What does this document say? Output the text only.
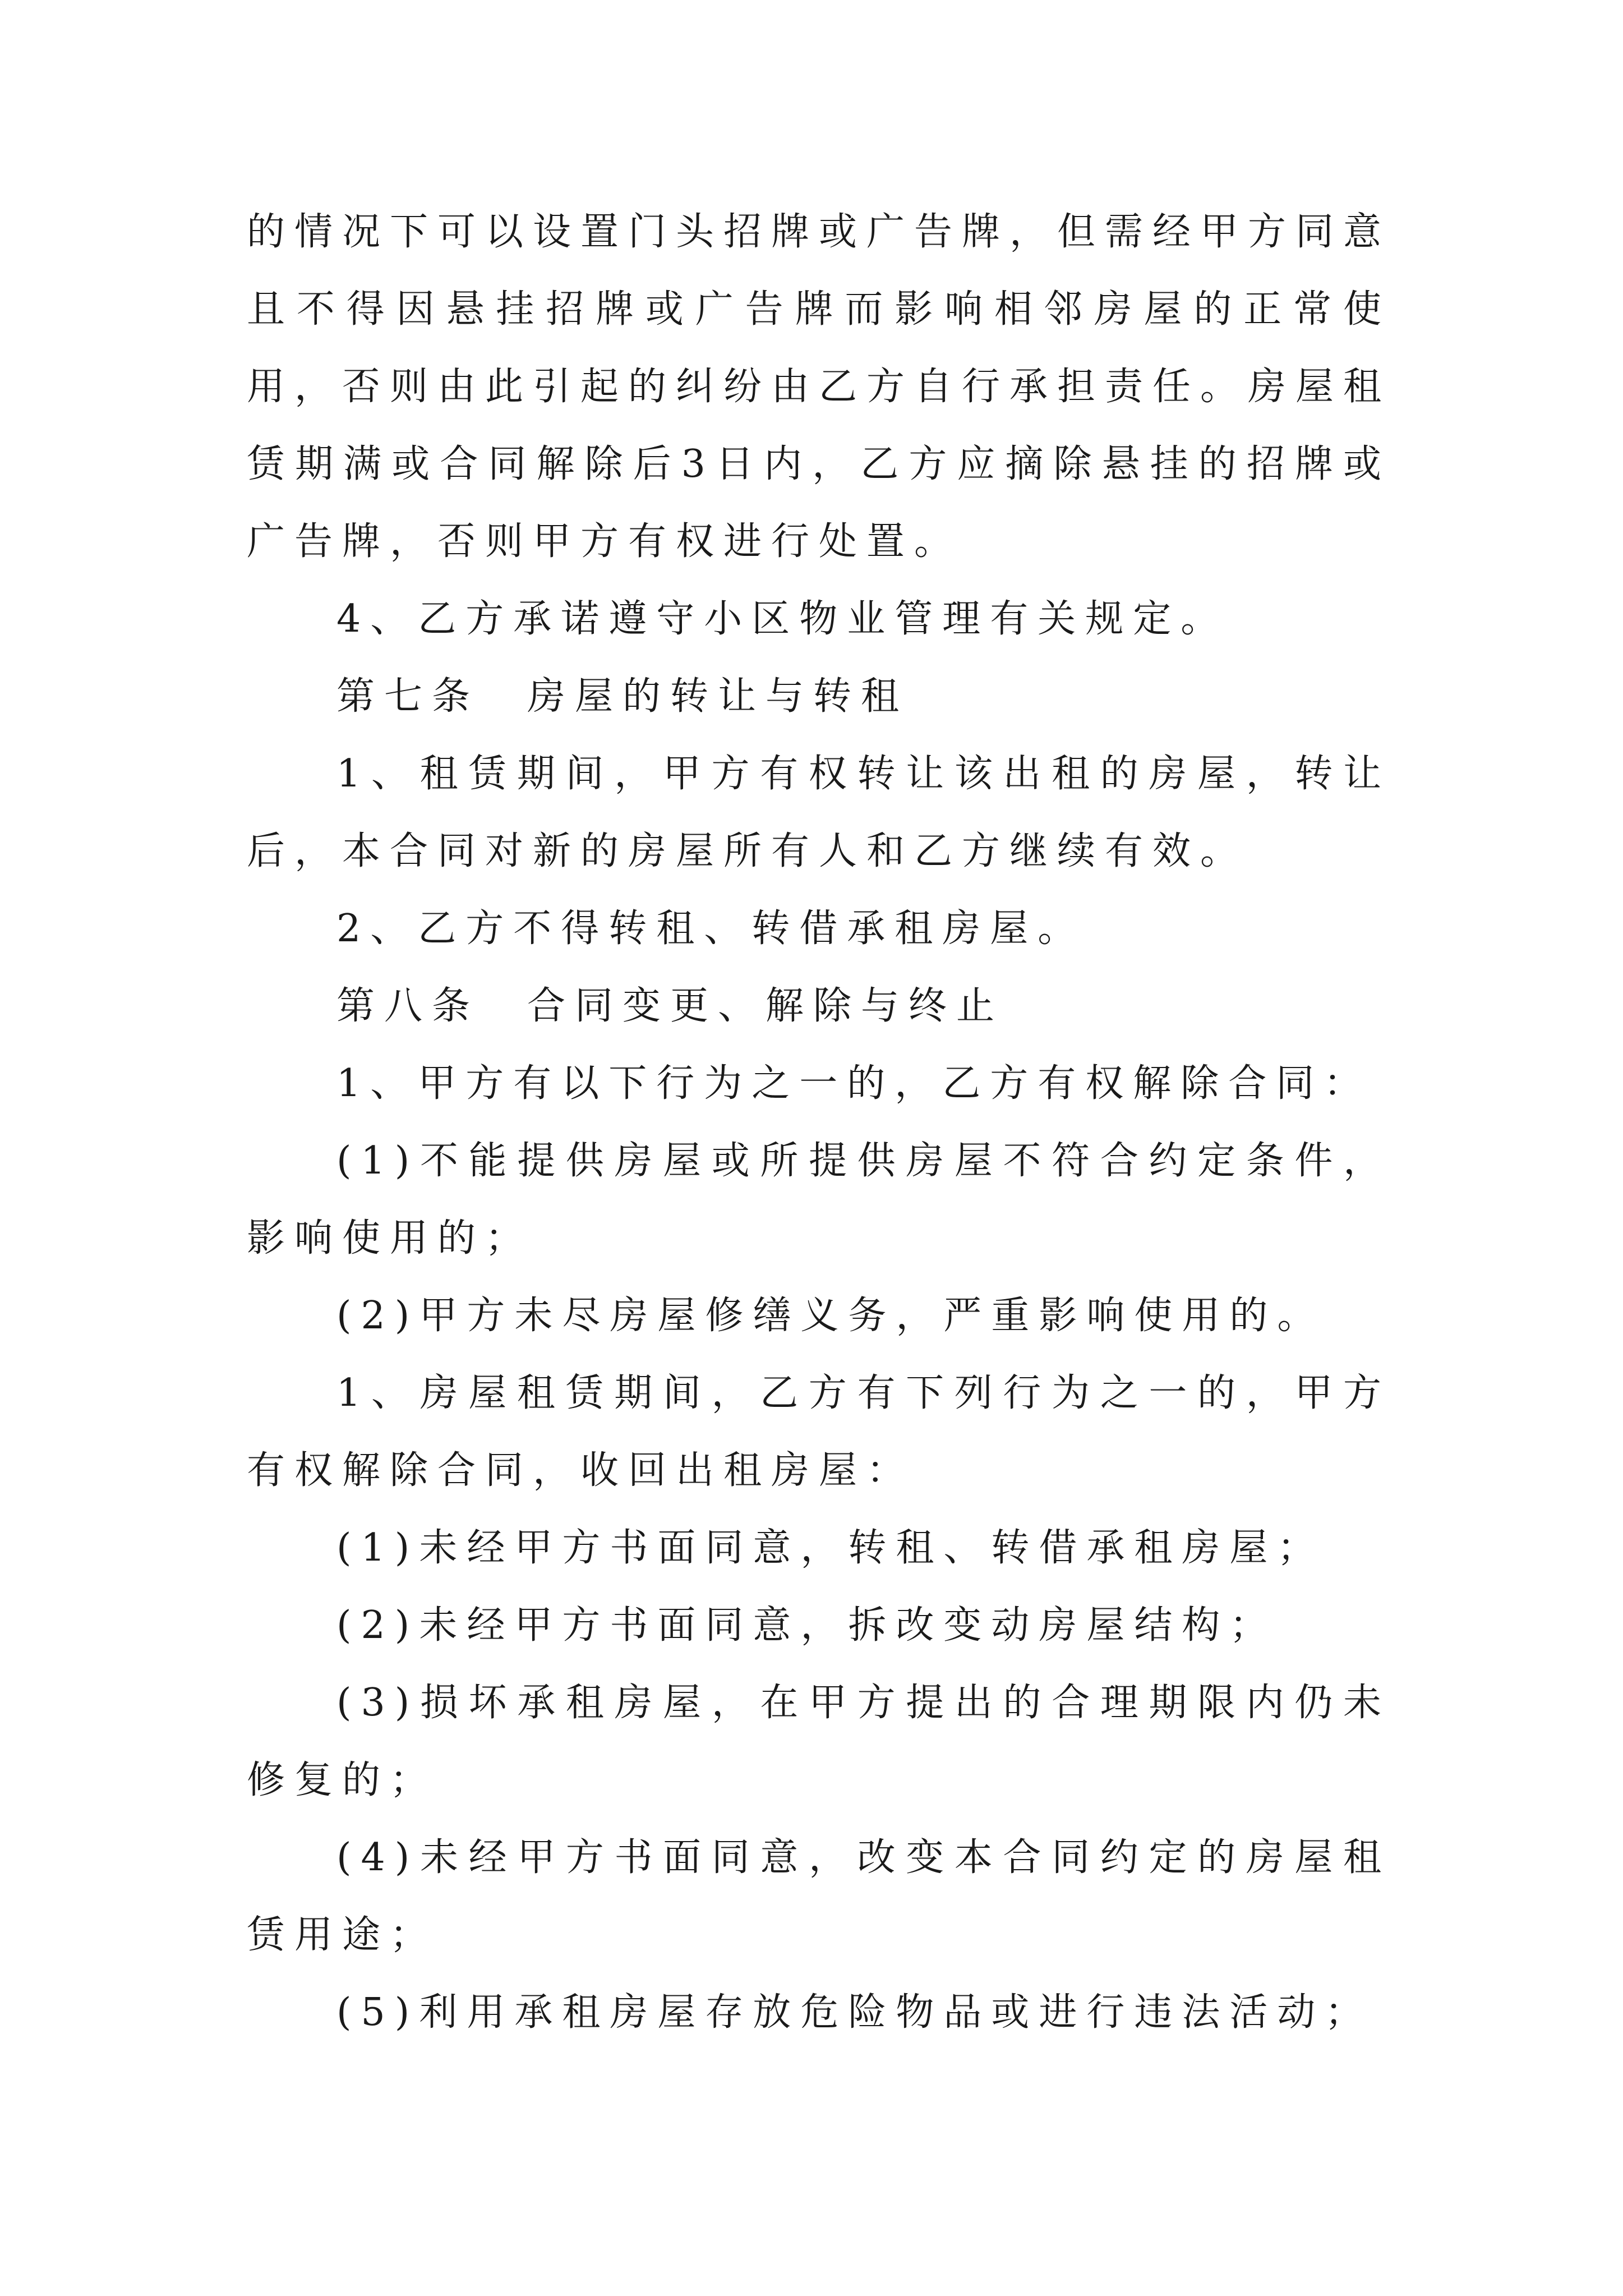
的情况下可以设置门头招牌或广告牌，但需经甲方同意且不得因悬挂招牌或广告牌而影响相邻房屋的正常使用，否则由此引起的纠纷由乙方自行承担责任。房屋租赁期满或合同解除后3日内，乙方应摘除悬挂的招牌或广告牌，否则甲方有权进行处置。

4、乙方承诺遵守小区物业管理有关规定。

第七条　房屋的转让与转租

1、租赁期间，甲方有权转让该出租的房屋，转让后，本合同对新的房屋所有人和乙方继续有效。

2、乙方不得转租、转借承租房屋。

第八条　合同变更、解除与终止

1、甲方有以下行为之一的，乙方有权解除合同：

(1)不能提供房屋或所提供房屋不符合约定条件，影响使用的；

(2)甲方未尽房屋修缮义务，严重影响使用的。

1、房屋租赁期间，乙方有下列行为之一的，甲方有权解除合同，收回出租房屋：

(1)未经甲方书面同意，转租、转借承租房屋；

(2)未经甲方书面同意，拆改变动房屋结构；

(3)损坏承租房屋，在甲方提出的合理期限内仍未修复的；

(4)未经甲方书面同意，改变本合同约定的房屋租赁用途；

(5)利用承租房屋存放危险物品或进行违法活动；
